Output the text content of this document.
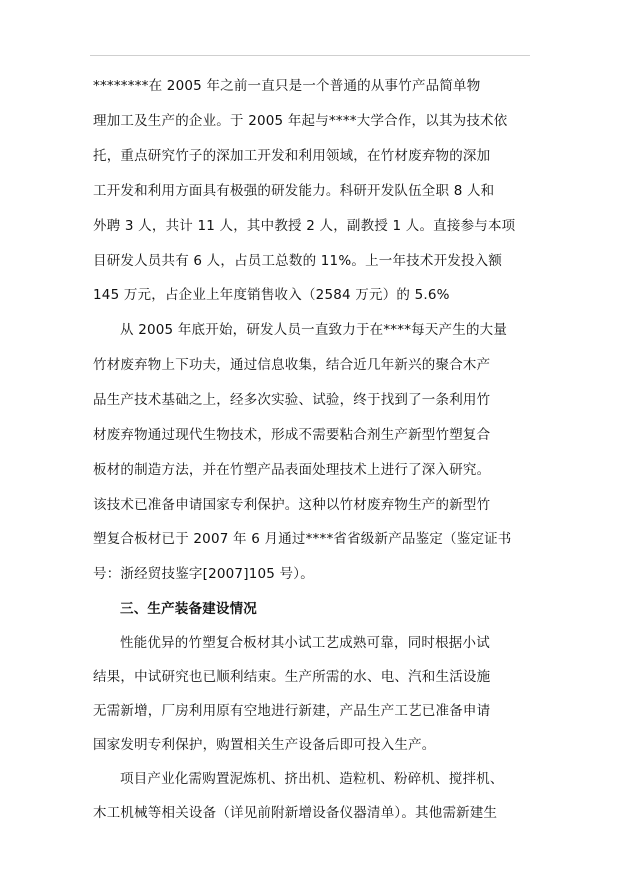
********在 2005 年之前一直只是一个普通的从事竹产品简单物
理加工及生产的企业。于 2005 年起与****大学合作，以其为技术依
托，重点研究竹子的深加工开发和利用领域，在竹材废弃物的深加
工开发和利用方面具有极强的研发能力。科研开发队伍全职 8 人和
外聘 3 人，共计 11 人，其中教授 2 人，副教授 1 人。直接参与本项
目研发人员共有 6 人，占员工总数的 11%。上一年技术开发投入额
145 万元，占企业上年度销售收入（2584 万元）的 5.6%
从 2005 年底开始，研发人员一直致力于在****每天产生的大量
竹材废弃物上下功夫，通过信息收集，结合近几年新兴的聚合木产
品生产技术基础之上，经多次实验、试验，终于找到了一条利用竹
材废弃物通过现代生物技术，形成不需要粘合剂生产新型竹塑复合
板材的制造方法，并在竹塑产品表面处理技术上进行了深入研究。
该技术已准备申请国家专利保护。这种以竹材废弃物生产的新型竹
塑复合板材已于 2007 年 6 月通过****省省级新产品鉴定（鉴定证书
号：浙经贸技鉴字[2007]105 号）。
三、生产装备建设情况
性能优异的竹塑复合板材其小试工艺成熟可靠，同时根据小试
结果，中试研究也已顺利结束。生产所需的水、电、汽和生活设施
无需新增，厂房利用原有空地进行新建，产品生产工艺已准备申请
国家发明专利保护，购置相关生产设备后即可投入生产。
项目产业化需购置泥炼机、挤出机、造粒机、粉碎机、搅拌机、
木工机械等相关设备（详见前附新增设备仪器清单）。其他需新建生
